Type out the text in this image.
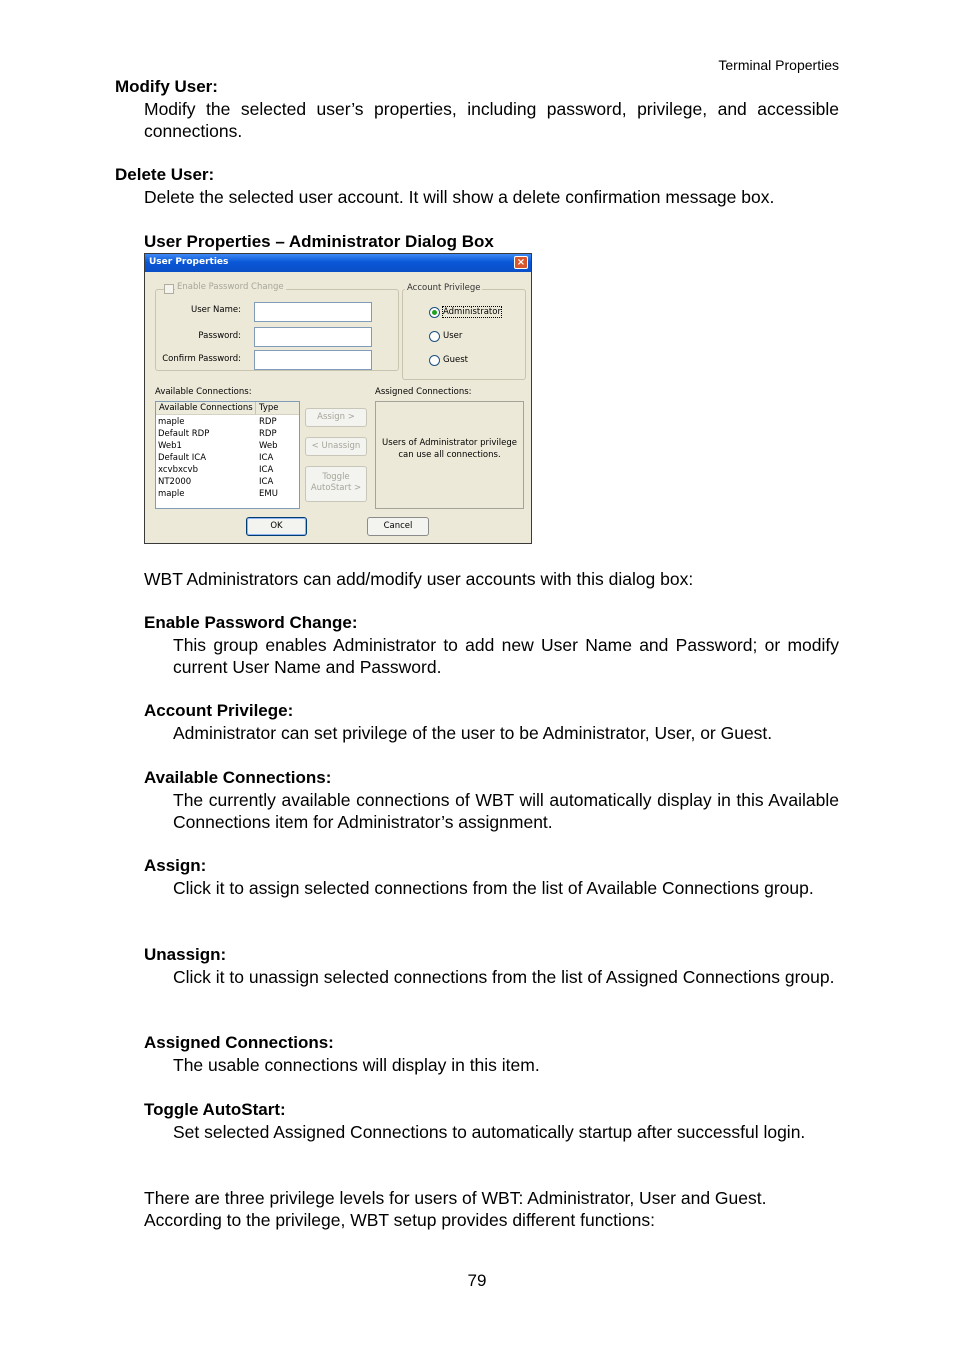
Terminal Properties
Modify User:
Modify the selected user’s properties, including password, privilege, and accessible connections.
Delete User:
Delete the selected user account. It will show a delete confirmation message box.
User Properties – Administrator Dialog Box
User Properties	×
Enable Password Change
User Name:
Password:
Confirm Password:
Account Privilege
Administrator
User
Guest
Available Connections:	Assigned Connections:
Available Connections Type
maple	RDP
Default RDP	RDP
Web1	Web
Default ICA	ICA
xcvbxcvb	ICA
NT2000	ICA
maple	EMU
Assign >
< Unassign
Toggle
AutoStart >
Users of Administrator privilege
can use all connections.
OK	Cancel
WBT Administrators can add/modify user accounts with this dialog box:
Enable Password Change:
This group enables Administrator to add new User Name and Password; or modify current User Name and Password.
Account Privilege:
Administrator can set privilege of the user to be Administrator, User, or Guest.
Available Connections:
The currently available connections of WBT will automatically display in this Available Connections item for Administrator’s assignment.
Assign:
Click it to assign selected connections from the list of Available Connections group.
Unassign:
Click it to unassign selected connections from the list of Assigned Connections group.
Assigned Connections:
The usable connections will display in this item.
Toggle AutoStart:
Set selected Assigned Connections to automatically startup after successful login.
There are three privilege levels for users of WBT: Administrator, User and Guest.
According to the privilege, WBT setup provides different functions:
79
